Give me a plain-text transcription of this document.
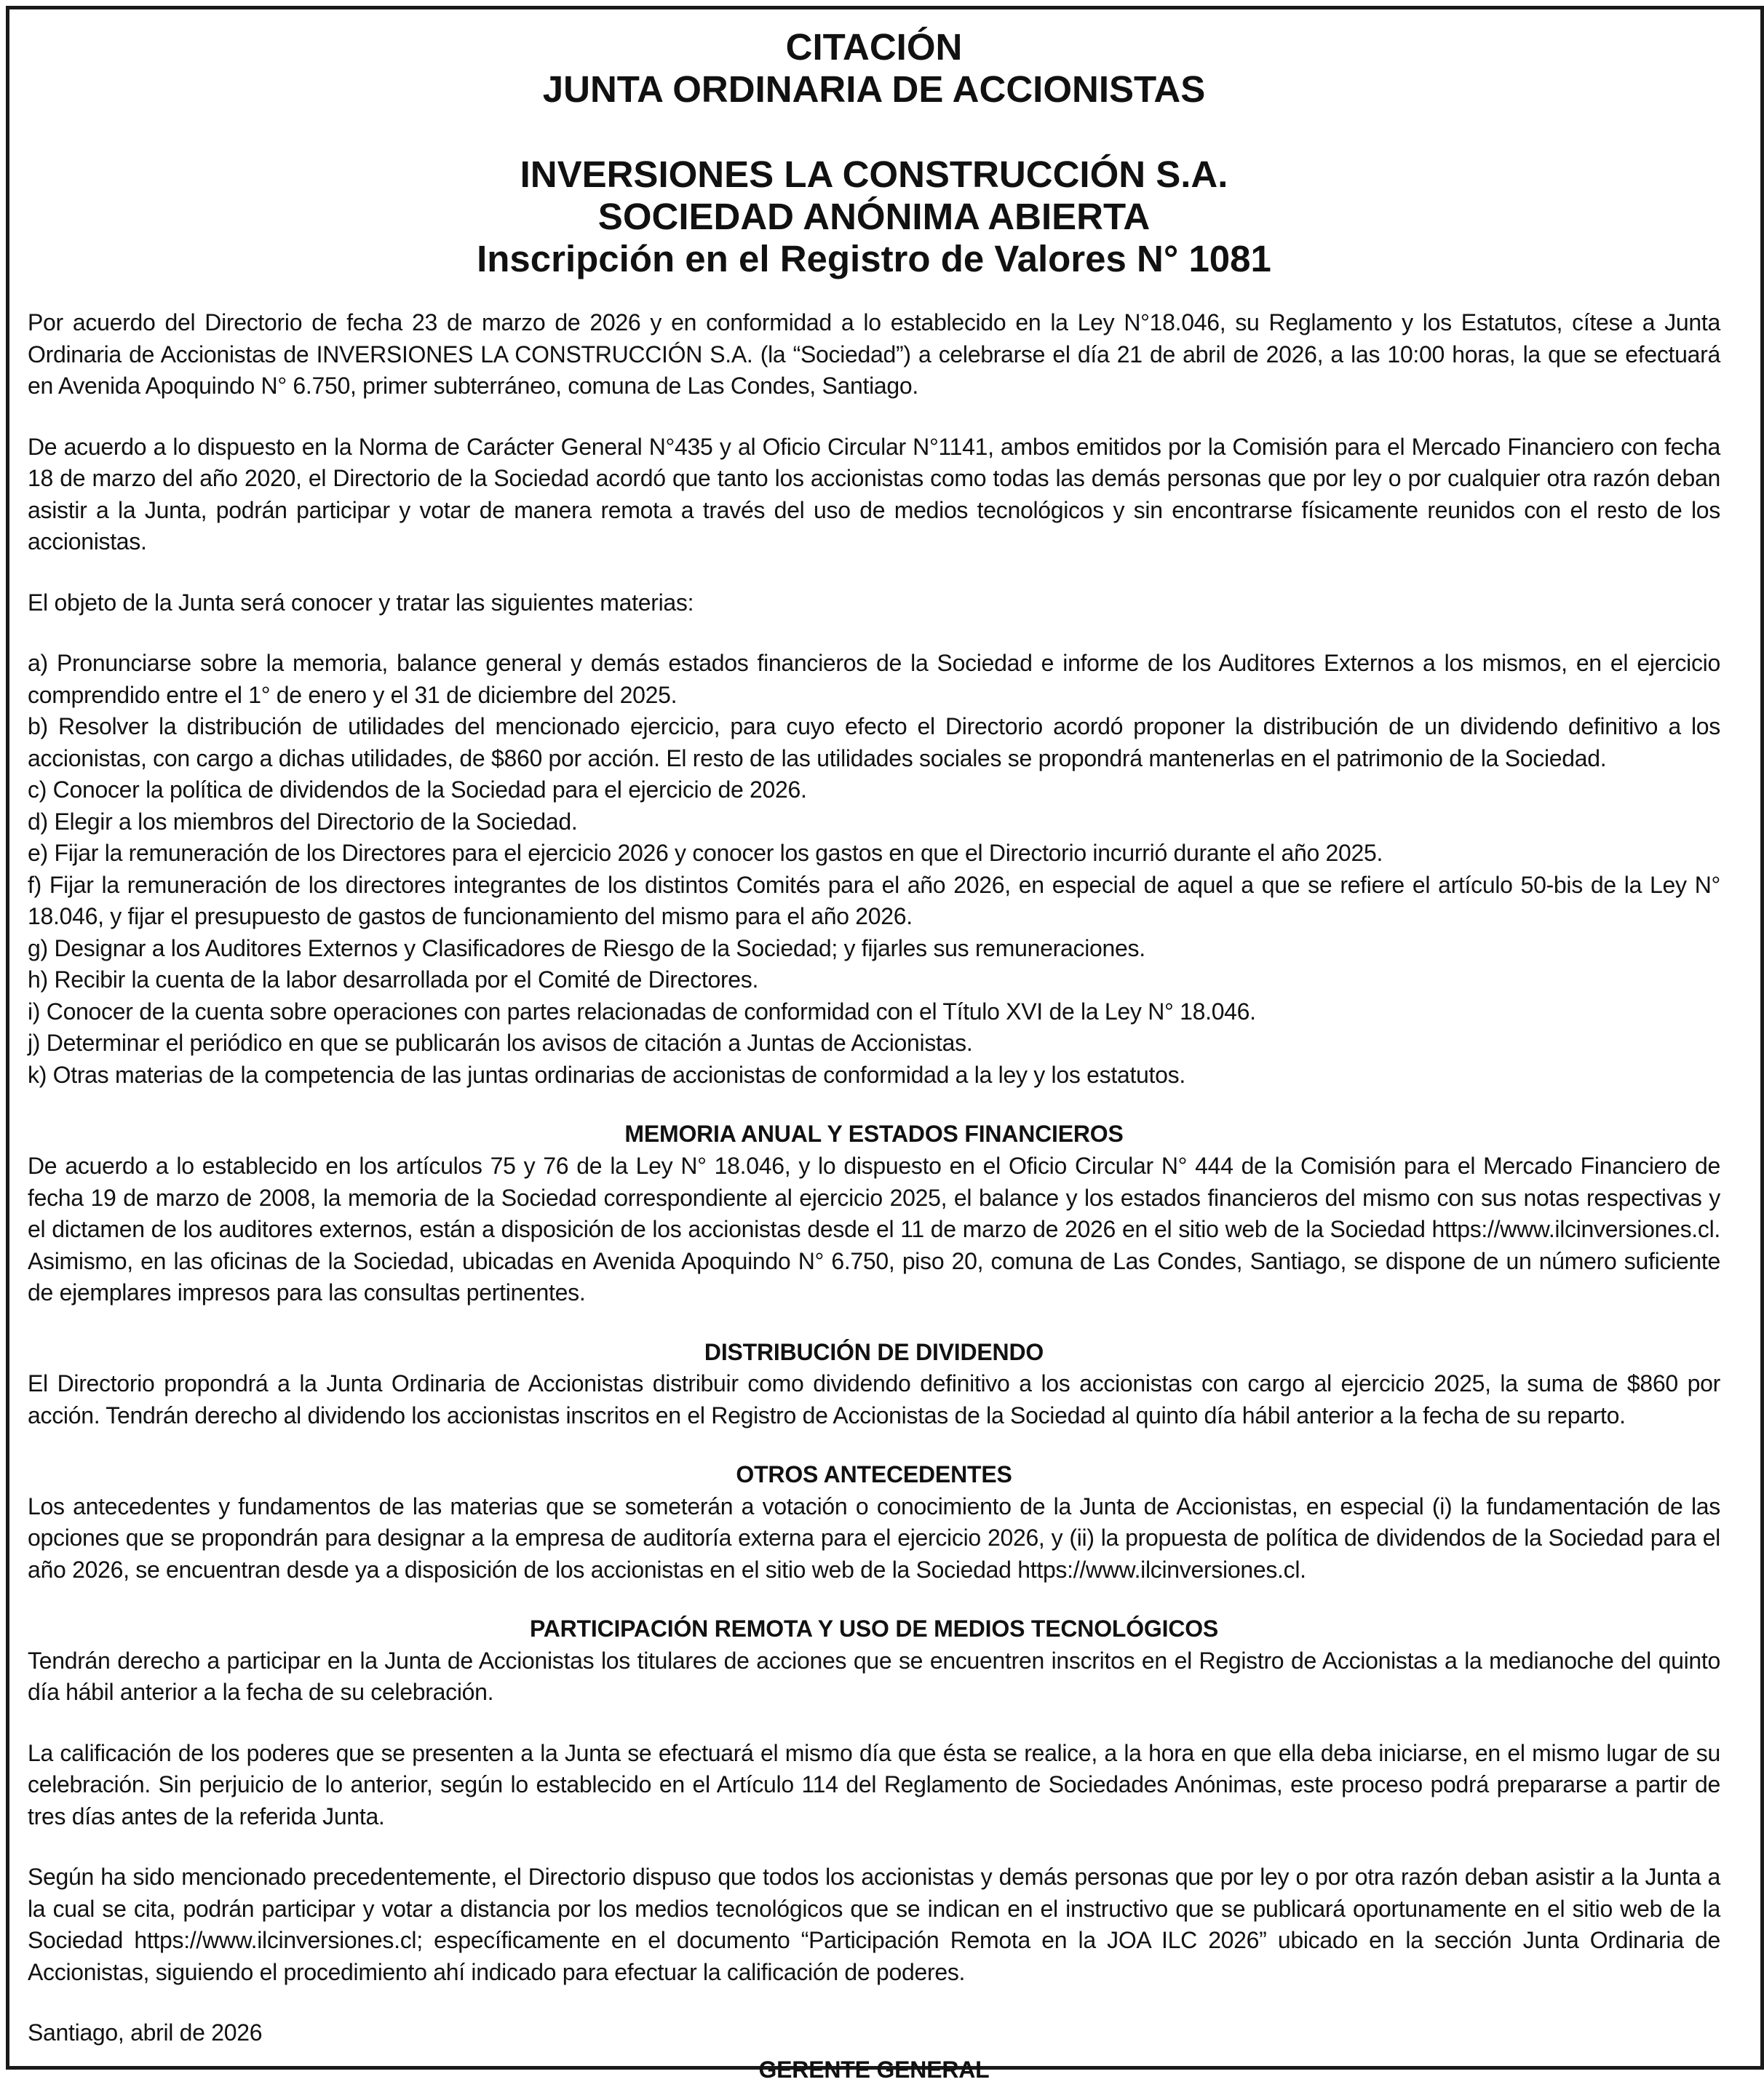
CITACIÓN
JUNTA ORDINARIA DE ACCIONISTAS
INVERSIONES LA CONSTRUCCIÓN S.A.
SOCIEDAD ANÓNIMA ABIERTA
Inscripción en el Registro de Valores N° 1081

Por acuerdo del Directorio de fecha 23 de marzo de 2026 y en conformidad a lo establecido en la Ley N°18.046, su Reglamento y los Estatutos, cítese a Junta Ordinaria de Accionistas de INVERSIONES LA CONSTRUCCIÓN S.A. (la “Sociedad”) a celebrarse el día 21 de abril de 2026, a las 10:00 horas, la que se efectuará en Avenida Apoquindo N° 6.750, primer subterráneo, comuna de Las Condes, Santiago.

De acuerdo a lo dispuesto en la Norma de Carácter General N°435 y al Oficio Circular N°1141, ambos emitidos por la Comisión para el Mercado Financiero con fecha 18 de marzo del año 2020, el Directorio de la Sociedad acordó que tanto los accionistas como todas las demás personas que por ley o por cualquier otra razón deban asistir a la Junta, podrán participar y votar de manera remota a través del uso de medios tecnológicos y sin encontrarse físicamente reunidos con el resto de los accionistas.

El objeto de la Junta será conocer y tratar las siguientes materias:

a) Pronunciarse sobre la memoria, balance general y demás estados financieros de la Sociedad e informe de los Auditores Externos a los mismos, en el ejercicio comprendido entre el 1° de enero y el 31 de diciembre del 2025.
b) Resolver la distribución de utilidades del mencionado ejercicio, para cuyo efecto el Directorio acordó proponer la distribución de un dividendo definitivo a los accionistas, con cargo a dichas utilidades, de $860 por acción. El resto de las utilidades sociales se propondrá mantenerlas en el patrimonio de la Sociedad.
c) Conocer la política de dividendos de la Sociedad para el ejercicio de 2026.
d) Elegir a los miembros del Directorio de la Sociedad.
e) Fijar la remuneración de los Directores para el ejercicio 2026 y conocer los gastos en que el Directorio incurrió durante el año 2025.
f) Fijar la remuneración de los directores integrantes de los distintos Comités para el año 2026, en especial de aquel a que se refiere el artículo 50-bis de la Ley N° 18.046, y fijar el presupuesto de gastos de funcionamiento del mismo para el año 2026.
g) Designar a los Auditores Externos y Clasificadores de Riesgo de la Sociedad; y fijarles sus remuneraciones.
h) Recibir la cuenta de la labor desarrollada por el Comité de Directores.
i) Conocer de la cuenta sobre operaciones con partes relacionadas de conformidad con el Título XVI de la Ley N° 18.046.
j) Determinar el periódico en que se publicarán los avisos de citación a Juntas de Accionistas.
k) Otras materias de la competencia de las juntas ordinarias de accionistas de conformidad a la ley y los estatutos.
MEMORIA ANUAL Y ESTADOS FINANCIEROS

De acuerdo a lo establecido en los artículos 75 y 76 de la Ley N° 18.046, y lo dispuesto en el Oficio Circular N° 444 de la Comisión para el Mercado Financiero de fecha 19 de marzo de 2008, la memoria de la Sociedad correspondiente al ejercicio 2025, el balance y los estados financieros del mismo con sus notas respectivas y el dictamen de los auditores externos, están a disposición de los accionistas desde el 11 de marzo de 2026 en el sitio web de la Sociedad https://www.ilcinversiones.cl. Asimismo, en las oficinas de la Sociedad, ubicadas en Avenida Apoquindo N° 6.750, piso 20, comuna de Las Condes, Santiago, se dispone de un número suficiente de ejemplares impresos para las consultas pertinentes.

DISTRIBUCIÓN DE DIVIDENDO

El Directorio propondrá a la Junta Ordinaria de Accionistas distribuir como dividendo definitivo a los accionistas con cargo al ejercicio 2025, la suma de $860 por acción. Tendrán derecho al dividendo los accionistas inscritos en el Registro de Accionistas de la Sociedad al quinto día hábil anterior a la fecha de su reparto.

OTROS ANTECEDENTES

Los antecedentes y fundamentos de las materias que se someterán a votación o conocimiento de la Junta de Accionistas, en especial (i) la fundamentación de las opciones que se propondrán para designar a la empresa de auditoría externa para el ejercicio 2026, y (ii) la propuesta de política de dividendos de la Sociedad para el año 2026, se encuentran desde ya a disposición de los accionistas en el sitio web de la Sociedad https://www.ilcinversiones.cl.

PARTICIPACIÓN REMOTA Y USO DE MEDIOS TECNOLÓGICOS

Tendrán derecho a participar en la Junta de Accionistas los titulares de acciones que se encuentren inscritos en el Registro de Accionistas a la medianoche del quinto día hábil anterior a la fecha de su celebración.

La calificación de los poderes que se presenten a la Junta se efectuará el mismo día que ésta se realice, a la hora en que ella deba iniciarse, en el mismo lugar de su celebración. Sin perjuicio de lo anterior, según lo establecido en el Artículo 114 del Reglamento de Sociedades Anónimas, este proceso podrá prepararse a partir de tres días antes de la referida Junta.

Según ha sido mencionado precedentemente, el Directorio dispuso que todos los accionistas y demás personas que por ley o por otra razón deban asistir a la Junta a la cual se cita, podrán participar y votar a distancia por los medios tecnológicos que se indican en el instructivo que se publicará oportunamente en el sitio web de la Sociedad https://www.ilcinversiones.cl; específicamente en el documento “Participación Remota en la JOA ILC 2026” ubicado en la sección Junta Ordinaria de Accionistas, siguiendo el procedimiento ahí indicado para efectuar la calificación de poderes.

Santiago, abril de 2026

GERENTE GENERAL
